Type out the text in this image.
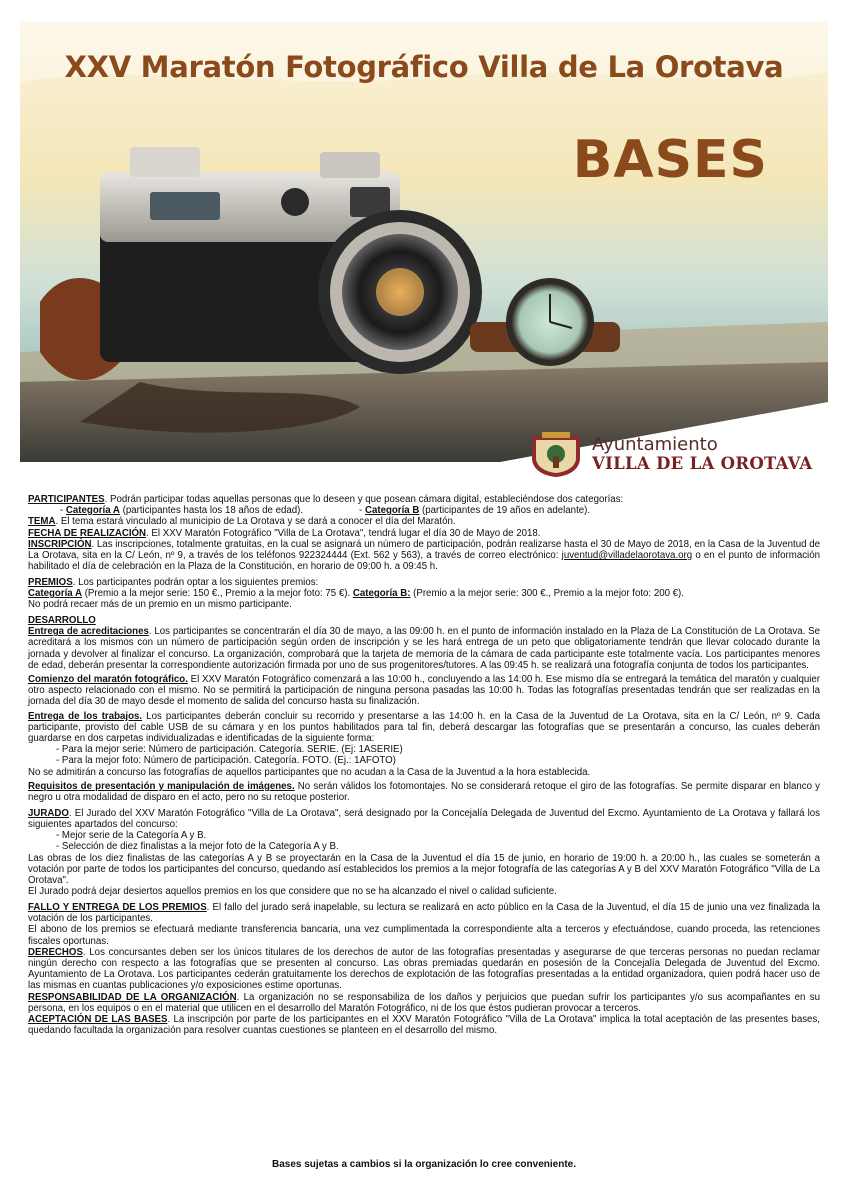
XXV Maratón Fotográfico Villa de La Orotava
BASES
Ayuntamiento
VILLA DE LA OROTAVA

PARTICIPANTES. Podrán participar todas aquellas personas que lo deseen y que posean cámara digital, estableciéndose dos categorías:

- Categoría A (participantes hasta los 18 años de edad).	- Categoría B (participantes de 19 años en adelante).

TEMA. El tema estará vinculado al municipio de La Orotava y se dará a conocer el día del Maratón.

FECHA DE REALIZACIÓN. El XXV Maratón Fotográfico "Villa de La Orotava", tendrá lugar el día 30 de Mayo de 2018.

INSCRIPCIÓN. Las inscripciones, totalmente gratuitas, en la cual se asignará un número de participación, podrán realizarse hasta el 30 de Mayo de 2018, en la Casa de la Juventud de La Orotava, sita en la C/ León, nº 9, a través de los teléfonos 922324444 (Ext. 562 y 563), a través de correo electrónico: juventud@villadelaorotava.org o en el punto de información habilitado el día de celebración en la Plaza de la Constitución, en horario de 09:00 h. a 09:45 h.

PREMIOS. Los participantes podrán optar a los siguientes premios:

Categoría A (Premio a la mejor serie: 150 €., Premio a la mejor foto: 75 €). Categoría B: (Premio a la mejor serie: 300 €., Premio a la mejor foto: 200 €).

No podrá recaer más de un premio en un mismo participante.

DESARROLLO

Entrega de acreditaciones. Los participantes se concentrarán el día 30 de mayo, a las 09:00 h. en el punto de información instalado en la Plaza de La Constitución de La Orotava. Se acreditará a los mismos con un número de participación según orden de inscripción y se les hará entrega de un peto que obligatoriamente tendrán que llevar colocado durante la jornada y devolver al finalizar el concurso. La organización, comprobará que la tarjeta de memoria de la cámara de cada participante este totalmente vacía. Los participantes menores de edad, deberán presentar la correspondiente autorización firmada por uno de sus progenitores/tutores. A las 09:45 h. se realizará una fotografía conjunta de todos los participantes.

Comienzo del maratón fotográfico. El XXV Maratón Fotográfico comenzará a las 10:00 h., concluyendo a las 14:00 h. Ese mismo día se entregará la temática del maratón y cualquier otro aspecto relacionado con el mismo. No se permitirá la participación de ninguna persona pasadas las 10:00 h. Todas las fotografías presentadas tendrán que ser realizadas en la jornada del día 30 de mayo desde el momento de salida del concurso hasta su finalización.

Entrega de los trabajos. Los participantes deberán concluir su recorrido y presentarse a las 14:00 h. en la Casa de la Juventud de La Orotava, sita en la C/ León, nº 9. Cada participante, provisto del cable USB de su cámara y en los puntos habilitados para tal fin, deberá descargar las fotografías que se presentarán a concurso, las cuales deberán guardarse en dos carpetas individualizadas e identificadas de la siguiente forma:

- Para la mejor serie: Número de participación. Categoría. SERIE. (Ej: 1ASERIE)

- Para la mejor foto: Número de participación. Categoría. FOTO. (Ej.: 1AFOTO)

No se admitirán a concurso las fotografías de aquellos participantes que no acudan a la Casa de la Juventud a la hora establecida.

Requisitos de presentación y manipulación de imágenes. No serán válidos los fotomontajes. No se considerará retoque el giro de las fotografías. Se permite disparar en blanco y negro u otra modalidad de disparo en el acto, pero no su retoque posterior.

JURADO. El Jurado del XXV Maratón Fotográfico "Villa de La Orotava", será designado por la Concejalía Delegada de Juventud del Excmo. Ayuntamiento de La Orotava y fallará los siguientes apartados del concurso:

- Mejor serie de la Categoría A y B.

- Selección de diez finalistas a la mejor foto de la Categoría A y B.

Las obras de los diez finalistas de las categorías A y B se proyectarán en la Casa de la Juventud el día 15 de junio, en horario de 19:00 h. a 20:00 h., las cuales se someterán a votación por parte de todos los participantes del concurso, quedando así establecidos los premios a la mejor fotografía de las categorías A y B del XXV Maratón Fotográfico "Villa de La Orotava".

El Jurado podrá dejar desiertos aquellos premios en los que considere que no se ha alcanzado el nivel o calidad suficiente.

FALLO Y ENTREGA DE LOS PREMIOS. El fallo del jurado será inapelable, su lectura se realizará en acto público en la Casa de la Juventud, el día 15 de junio una vez finalizada la votación de los participantes.

El abono de los premios se efectuará mediante transferencia bancaria, una vez cumplimentada la correspondiente alta a terceros y efectuándose, cuando proceda, las retenciones fiscales oportunas.

DERECHOS. Los concursantes deben ser los únicos titulares de los derechos de autor de las fotografías presentadas y asegurarse de que terceras personas no puedan reclamar ningún derecho con respecto a las fotografías que se presenten al concurso. Las obras premiadas quedarán en posesión de la Concejalía Delegada de Juventud del Excmo. Ayuntamiento de La Orotava. Los participantes cederán gratuitamente los derechos de explotación de las fotografías presentadas a la entidad organizadora, quien podrá hacer uso de las mismas en cuantas publicaciones y/o exposiciones estime oportunas.

RESPONSABILIDAD DE LA ORGANIZACIÓN. La organización no se responsabiliza de los daños y perjuicios que puedan sufrir los participantes y/o sus acompañantes en su persona, en los equipos o en el material que utilicen en el desarrollo del Maratón Fotográfico, ni de los que éstos pudieran provocar a terceros.

ACEPTACIÓN DE LAS BASES. La inscripción por parte de los participantes en el XXV Maratón Fotográfico "Villa de La Orotava" implica la total aceptación de las presentes bases, quedando facultada la organización para resolver cuantas cuestiones se planteen en el desarrollo del mismo.

Bases sujetas a cambios si la organización lo cree conveniente.
